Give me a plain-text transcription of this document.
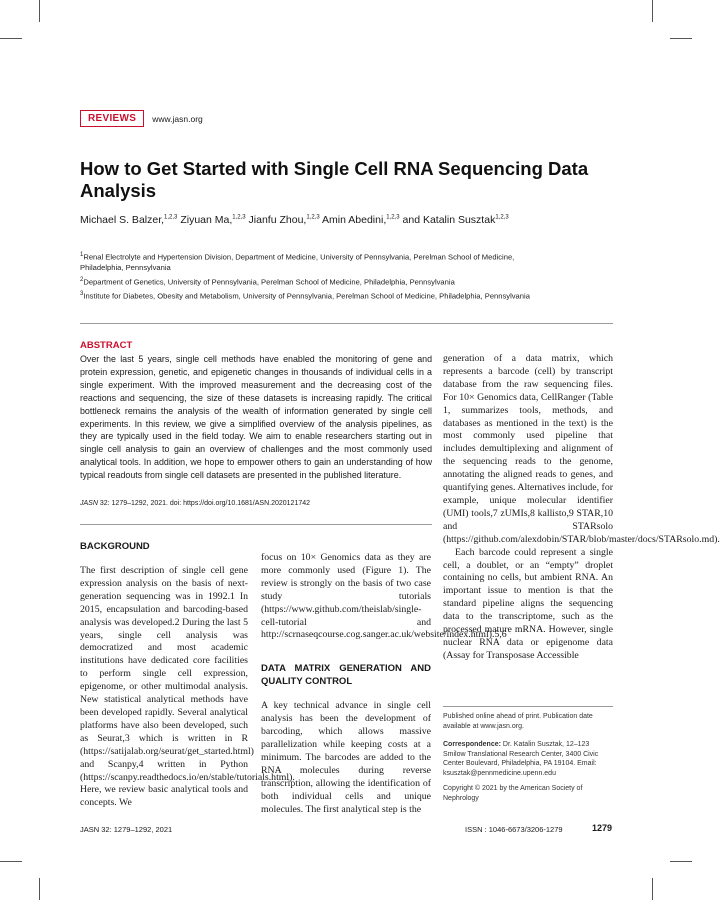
REVIEWS	www.jasn.org
How to Get Started with Single Cell RNA Sequencing Data Analysis
Michael S. Balzer,$^{1,2,3}$ Ziyuan Ma,$^{1,2,3}$ Jianfu Zhou,$^{1,2,3}$ Amin Abedini,$^{1,2,3}$ and Katalin Susztak$^{1,2,3}$

$^1$Renal Electrolyte and Hypertension Division, Department of Medicine, University of Pennsylvania, Perelman School of Medicine, Philadelphia, Pennsylvania

$^2$Department of Genetics, University of Pennsylvania, Perelman School of Medicine, Philadelphia, Pennsylvania

$^3$Institute for Diabetes, Obesity and Metabolism, University of Pennsylvania, Perelman School of Medicine, Philadelphia, Pennsylvania

ABSTRACT
Over the last 5 years, single cell methods have enabled the monitoring of gene and protein expression, genetic, and epigenetic changes in thousands of individual cells in a single experiment. With the improved measurement and the decreasing cost of the reactions and sequencing, the size of these datasets is increasing rapidly. The critical bottleneck remains the analysis of the wealth of information generated by single cell experiments. In this review, we give a simplified overview of the analysis pipelines, as they are typically used in the field today. We aim to enable researchers starting out in single cell analysis to gain an overview of challenges and the most commonly used analytical tools. In addition, we hope to empower others to gain an understanding of how typical readouts from single cell datasets are presented in the published literature.
JASN 32: 1279–1292, 2021. doi: https://doi.org/10.1681/ASN.2020121742
BACKGROUND

The first description of single cell gene expression analysis on the basis of next-generation sequencing was in 1992.1 In 2015, encapsulation and barcoding-based analysis was developed.2 During the last 5 years, single cell analysis was democratized and most academic institutions have dedicated core facilities to perform single cell expression, epigenome, or other multimodal analysis. New statistical analytical methods have been developed rapidly. Several analytical platforms have also been developed, such as Seurat,3 which is written in R (https://satijalab.org/seurat/get_started.html) and Scanpy,4 written in Python (https://scanpy.readthedocs.io/en/stable/tutorials.html). Here, we review basic analytical tools and concepts. We

focus on 10× Genomics data as they are more commonly used (Figure 1). The review is strongly on the basis of two case study tutorials (https://www.github.com/theislab/single-cell-tutorial and http://scrnaseqcourse.cog.sanger.ac.uk/website/index.html).5,6

DATA MATRIX GENERATION AND QUALITY CONTROL

A key technical advance in single cell analysis has been the development of barcoding, which allows massive parallelization while keeping costs at a minimum. The barcodes are added to the RNA molecules during reverse transcription, allowing the identification of both individual cells and unique molecules. The first analytical step is the

generation of a data matrix, which represents a barcode (cell) by transcript database from the raw sequencing files. For 10× Genomics data, CellRanger (Table 1, summarizes tools, methods, and databases as mentioned in the text) is the most commonly used pipeline that includes demultiplexing and alignment of the sequencing reads to the genome, annotating the aligned reads to genes, and quantifying genes. Alternatives include, for example, unique molecular identifier (UMI) tools,7 zUMIs,8 kallisto,9 STAR,10 and STARsolo (https://github.com/alexdobin/STAR/blob/master/docs/STARsolo.md).

Each barcode could represent a single cell, a doublet, or an “empty” droplet containing no cells, but ambient RNA. An important issue to mention is that the standard pipeline aligns the sequencing data to the transcriptome, such as the processed mature mRNA. However, single nuclear RNA data or epigenome data (Assay for Transposase Accessible

Published online ahead of print. Publication date available at www.jasn.org.
Correspondence: Dr. Katalin Susztak, 12–123 Smilow Translational Research Center, 3400 Civic Center Boulevard, Philadelphia, PA 19104. Email: ksusztak@pennmedicine.upenn.edu
Copyright © 2021 by the American Society of Nephrology
JASN 32: 1279–1292, 2021	ISSN : 1046-6673/3206-1279	1279
